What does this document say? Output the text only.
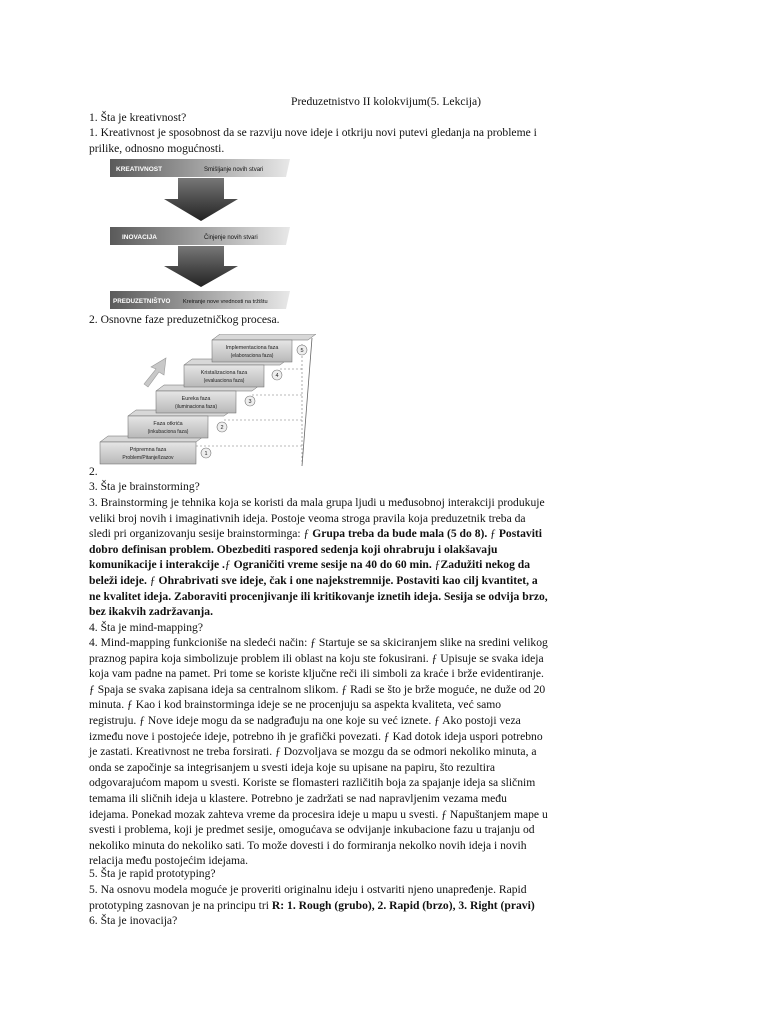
Preduzetnistvo II kolokvijum(5. Lekcija)

1. Šta je kreativnost?

1. Kreativnost je sposobnost da se razviju nove ideje i otkriju novi putevi gledanja na probleme i prilike, odnosno mogućnosti.

KREATIVNOST	Smišljanje novih stvari
INOVACIJA	Činjenje novih stvari
PREDUZETNIŠTVO Kreiranje nove vrednosti na tržištu

2. Osnovne faze preduzetničkog procesa.

Pripremna faza
Problem/Pitanje/Izazov
1
Faza otkrića
(inkubaciona faza)
2
Eureka faza
(iluminaciona faza)
3
Kristalizaciona faza
(evaluaciona faza)
4
Implementaciona faza
(elaboraciona faza)
5

2.

3. Šta je brainstorming?

3. Brainstorming je tehnika koja se koristi da mala grupa ljudi u međusobnoj interakciji produkuje veliki broj novih i imaginativnih ideja. Postoje veoma stroga pravila koja preduzetnik treba da sledi pri organizovanju sesije brainstorminga: ƒ Grupa treba da bude mala (5 do 8). ƒ Postaviti dobro definisan problem. Obezbediti raspored sedenja koji ohrabruju i olakšavaju komunikacije i interakcije .ƒ Ograničiti vreme sesije na 40 do 60 min. ƒZadužiti nekog da beleži ideje. ƒ Ohrabrivati sve ideje, čak i one najekstremnije. Postaviti kao cilj kvantitet, a ne kvalitet ideja. Zaboraviti procenjivanje ili kritikovanje iznetih ideja. Sesija se odvija brzo, bez ikakvih zadržavanja.

4. Šta je mind-mapping?

4. Mind-mapping funkcioniše na sledeći način: ƒ Startuje se sa skiciranjem slike na sredini velikog praznog papira koja simbolizuje problem ili oblast na koju ste fokusirani. ƒ Upisuje se svaka ideja koja vam padne na pamet. Pri tome se koriste ključne reči ili simboli za kraće i brže evidentiranje. ƒ Spaja se svaka zapisana ideja sa centralnom slikom. ƒ Radi se što je brže moguće, ne duže od 20 minuta. ƒ Kao i kod brainstorminga ideje se ne procenjuju sa aspekta kvaliteta, već samo registruju. ƒ Nove ideje mogu da se nadgrađuju na one koje su već iznete. ƒ Ako postoji veza između nove i postojeće ideje, potrebno ih je grafički povezati. ƒ Kad dotok ideja uspori potrebno je zastati. Kreativnost ne treba forsirati. ƒ Dozvoljava se mozgu da se odmori nekoliko minuta, a onda se započinje sa integrisanjem u svesti ideja koje su upisane na papiru, što rezultira odgovarajućom mapom u svesti. Koriste se flomasteri različitih boja za spajanje ideja sa sličnim temama ili sličnih ideja u klastere. Potrebno je zadržati se nad napravljenim vezama među idejama. Ponekad mozak zahteva vreme da procesira ideje u mapu u svesti. ƒ Napuštanjem mape u svesti i problema, koji je predmet sesije, omogućava se odvijanje inkubacione fazu u trajanju od nekoliko minuta do nekoliko sati. To može dovesti i do formiranja nekolko novih ideja i novih relacija među postojećim idejama.

5. Šta je rapid prototyping?

5. Na osnovu modela moguće je proveriti originalnu ideju i ostvariti njeno unapređenje. Rapid prototyping zasnovan je na principu tri R: 1. Rough (grubo), 2. Rapid (brzo), 3. Right (pravi)

6. Šta je inovacija?
